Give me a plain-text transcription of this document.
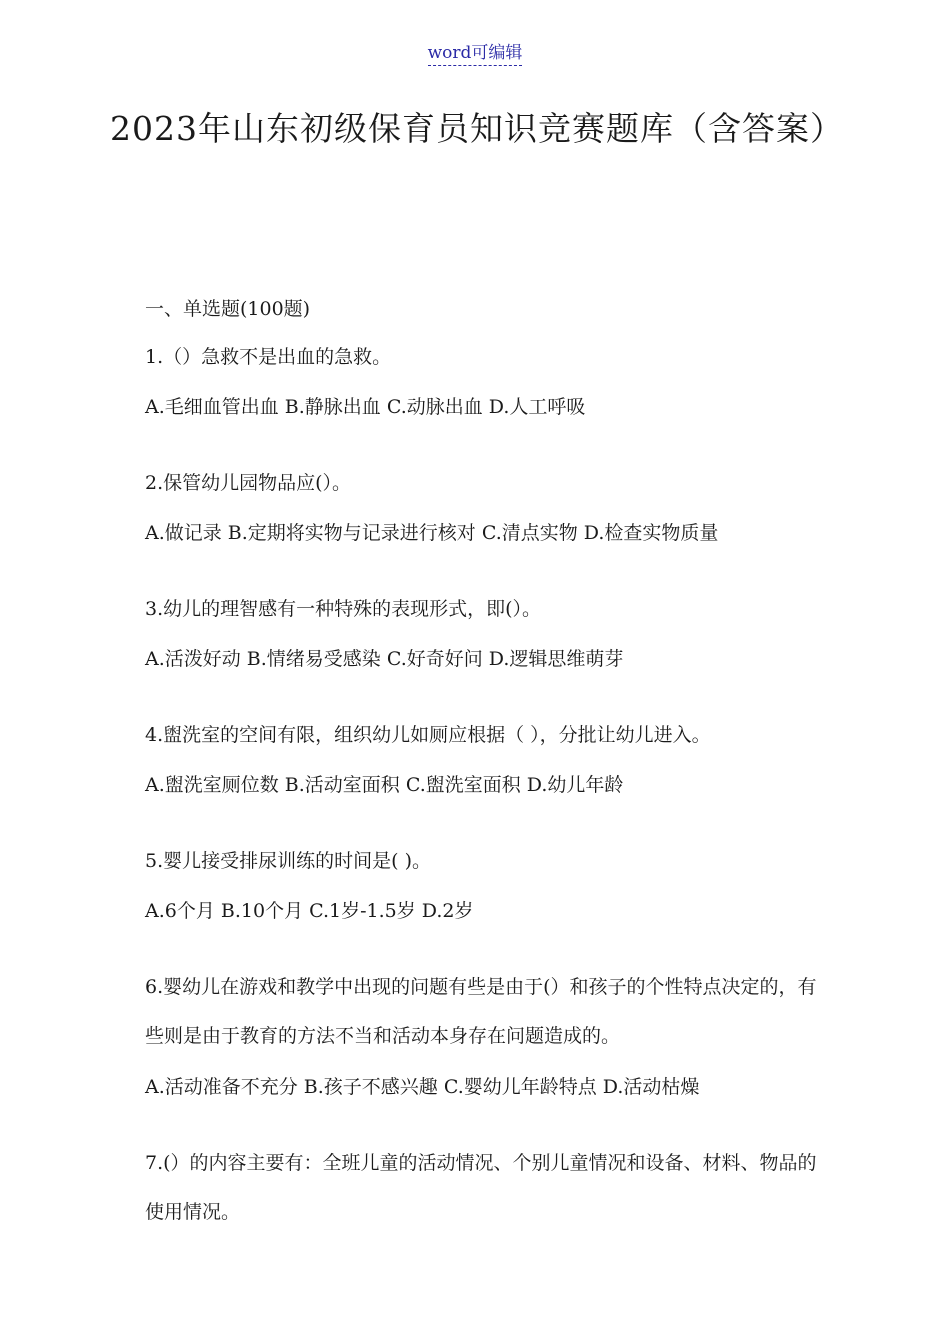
word可编辑
2023年山东初级保育员知识竞赛题库（含答案）
一、单选题(100题)
1.（）急救不是出血的急救。
A.毛细血管出血 B.静脉出血 C.动脉出血 D.人工呼吸
2.保管幼儿园物品应(）。
A.做记录 B.定期将实物与记录进行核对 C.清点实物 D.检查实物质量
3.幼儿的理智感有一种特殊的表现形式，即(）。
A.活泼好动 B.情绪易受感染 C.好奇好问 D.逻辑思维萌芽
4.盥洗室的空间有限，组织幼儿如厕应根据（ ），分批让幼儿进入。
A.盥洗室厕位数 B.活动室面积 C.盥洗室面积 D.幼儿年龄
5.婴儿接受排尿训练的时间是( )。
A.6个月 B.10个月 C.1岁-1.5岁 D.2岁
6.婴幼儿在游戏和教学中出现的问题有些是由于(）和孩子的个性特点决定的，有些则是由于教育的方法不当和活动本身存在问题造成的。
A.活动准备不充分 B.孩子不感兴趣 C.婴幼儿年龄特点 D.活动枯燥
7.(）的内容主要有：全班儿童的活动情况、个别儿童情况和设备、材料、物品的使用情况。
